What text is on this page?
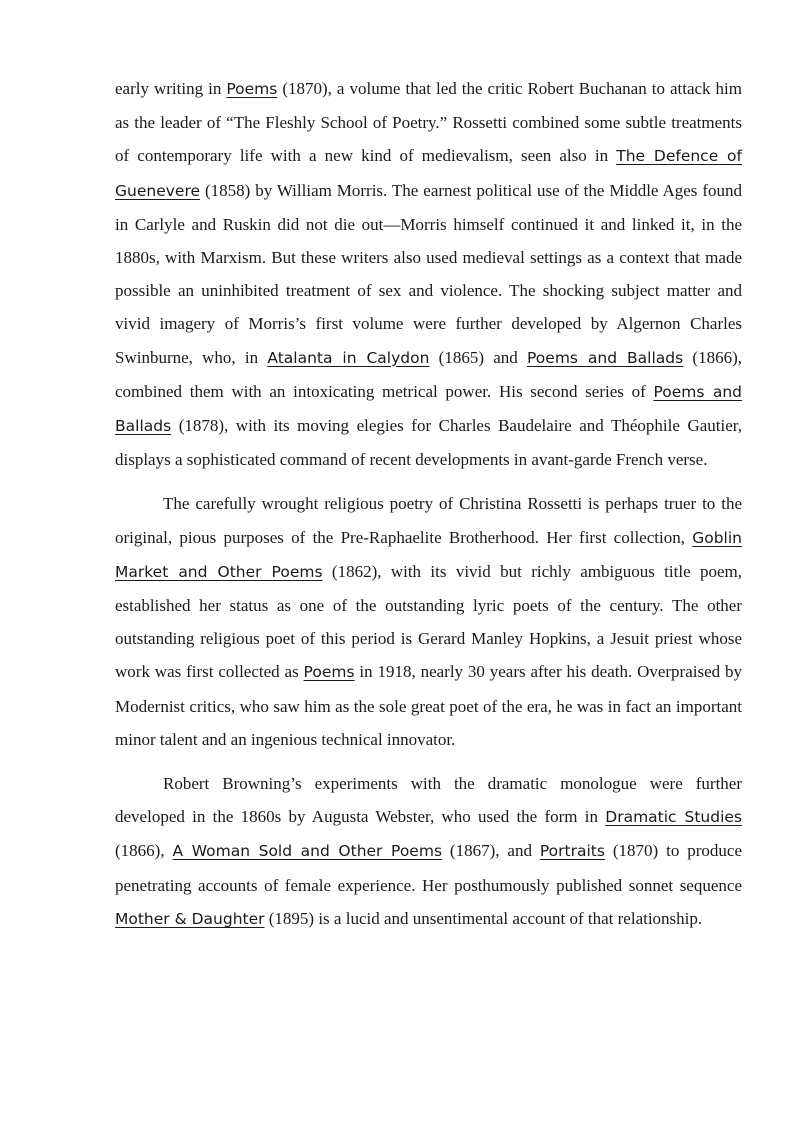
early writing in Poems (1870), a volume that led the critic Robert Buchanan to attack him as the leader of “The Fleshly School of Poetry.” Rossetti combined some subtle treatments of contemporary life with a new kind of medievalism, seen also in The Defence of Guenevere (1858) by William Morris. The earnest political use of the Middle Ages found in Carlyle and Ruskin did not die out—Morris himself continued it and linked it, in the 1880s, with Marxism. But these writers also used medieval settings as a context that made possible an uninhibited treatment of sex and violence. The shocking subject matter and vivid imagery of Morris’s first volume were further developed by Algernon Charles Swinburne, who, in Atalanta in Calydon (1865) and Poems and Ballads (1866), combined them with an intoxicating metrical power. His second series of Poems and Ballads (1878), with its moving elegies for Charles Baudelaire and Théophile Gautier, displays a sophisticated command of recent developments in avant-garde French verse.

The carefully wrought religious poetry of Christina Rossetti is perhaps truer to the original, pious purposes of the Pre-Raphaelite Brotherhood. Her first collection, Goblin Market and Other Poems (1862), with its vivid but richly ambiguous title poem, established her status as one of the outstanding lyric poets of the century. The other outstanding religious poet of this period is Gerard Manley Hopkins, a Jesuit priest whose work was first collected as Poems in 1918, nearly 30 years after his death. Overpraised by Modernist critics, who saw him as the sole great poet of the era, he was in fact an important minor talent and an ingenious technical innovator.

Robert Browning’s experiments with the dramatic monologue were further developed in the 1860s by Augusta Webster, who used the form in Dramatic Studies (1866), A Woman Sold and Other Poems (1867), and Portraits (1870) to produce penetrating accounts of female experience. Her posthumously published sonnet sequence Mother & Daughter (1895) is a lucid and unsentimental account of that relationship.
